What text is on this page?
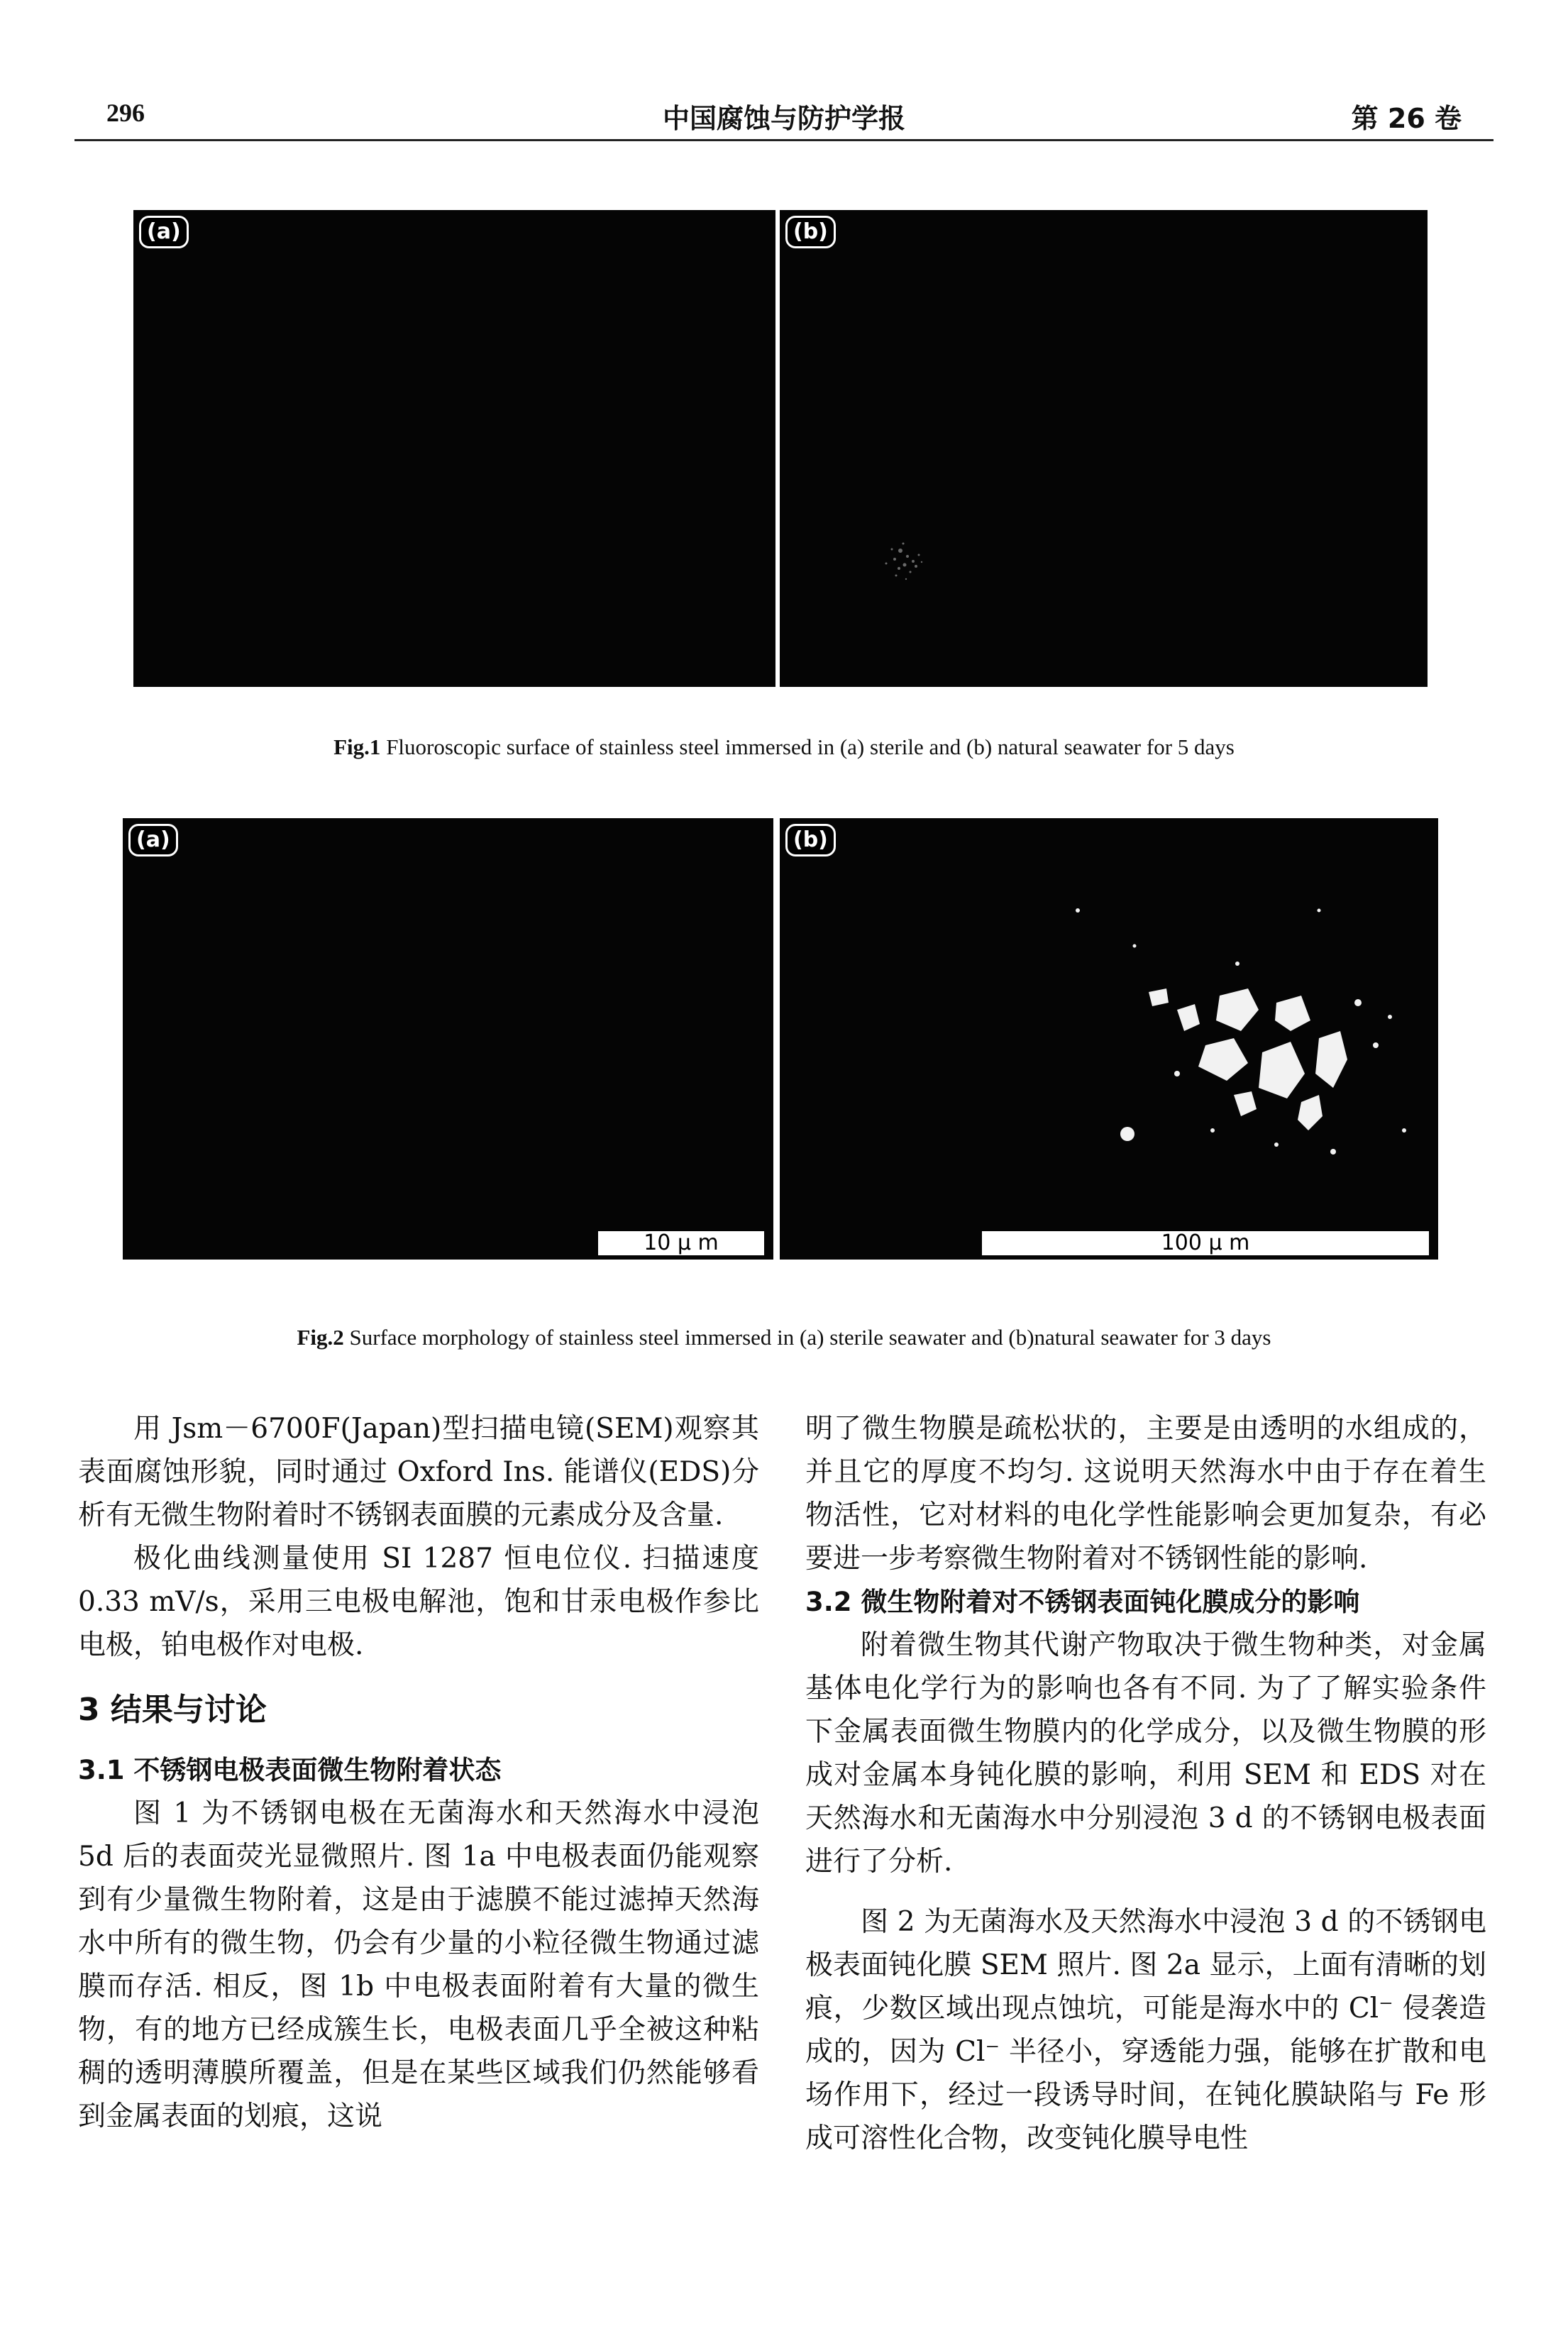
296	中国腐蚀与防护学报	第 26 卷
(a)	(b)
Fig.1 Fluoroscopic surface of stainless steel immersed in (a) sterile and (b) natural seawater for 5 days
(a)
10 μ m
(b)
100 μ m
Fig.2 Surface morphology of stainless steel immersed in (a) sterile seawater and (b)natural seawater for 3 days

用 Jsm－6700F(Japan)型扫描电镜(SEM)观察其表面腐蚀形貌，同时通过 Oxford Ins. 能谱仪(EDS)分析有无微生物附着时不锈钢表面膜的元素成分及含量.

极化曲线测量使用 SI 1287 恒电位仪. 扫描速度 0.33 mV/s，采用三电极电解池，饱和甘汞电极作参比电极，铂电极作对电极.

3 结果与讨论
3.1 不锈钢电极表面微生物附着状态

图 1 为不锈钢电极在无菌海水和天然海水中浸泡 5d 后的表面荧光显微照片. 图 1a 中电极表面仍能观察到有少量微生物附着，这是由于滤膜不能过滤掉天然海水中所有的微生物，仍会有少量的小粒径微生物通过滤膜而存活. 相反，图 1b 中电极表面附着有大量的微生物，有的地方已经成簇生长，电极表面几乎全被这种粘稠的透明薄膜所覆盖，但是在某些区域我们仍然能够看到金属表面的划痕，这说

明了微生物膜是疏松状的，主要是由透明的水组成的，并且它的厚度不均匀. 这说明天然海水中由于存在着生物活性，它对材料的电化学性能影响会更加复杂，有必要进一步考察微生物附着对不锈钢性能的影响.

3.2 微生物附着对不锈钢表面钝化膜成分的影响

附着微生物其代谢产物取决于微生物种类，对金属基体电化学行为的影响也各有不同. 为了了解实验条件下金属表面微生物膜内的化学成分，以及微生物膜的形成对金属本身钝化膜的影响，利用 SEM 和 EDS 对在天然海水和无菌海水中分别浸泡 3 d 的不锈钢电极表面进行了分析.

图 2 为无菌海水及天然海水中浸泡 3 d 的不锈钢电极表面钝化膜 SEM 照片. 图 2a 显示，上面有清晰的划痕，少数区域出现点蚀坑，可能是海水中的 Cl⁻ 侵袭造成的，因为 Cl⁻ 半径小，穿透能力强，能够在扩散和电场作用下，经过一段诱导时间，在钝化膜缺陷与 Fe 形成可溶性化合物，改变钝化膜导电性
